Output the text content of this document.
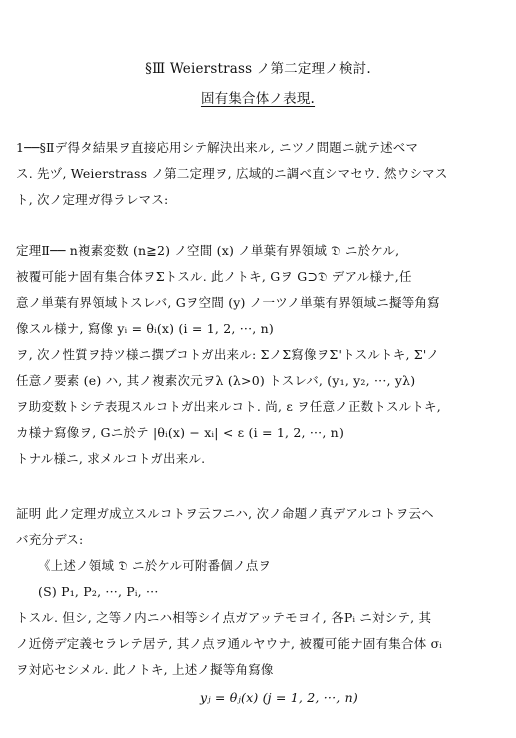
§Ⅲ Weierstrass ノ第二定理ノ検討.
固有集合体ノ表現.
1──§Ⅱデ得タ結果ヲ直接応用シテ解決出来ル, ニツノ問題ニ就テ述ベマ
ス. 先ヅ, Weierstrass ノ第二定理ヲ, 広域的ニ調べ直シマセウ. 然ウシマス
ト, 次ノ定理ガ得ラレマス:
定理Ⅱ── n複素変数 (n≧2) ノ空間 (x) ノ単葉有界領域 𝔇 ニ於ケル,
被覆可能ナ固有集合体ヲΣトスル. 此ノトキ, Gヲ G⊃𝔇 デアル様ナ,任
意ノ単葉有界領域トスレバ, Gヲ空間 (y) ノ一ツノ単葉有界領域ニ擬等角寫
像スル様ナ, 寫像 yᵢ = θᵢ(x) (i = 1, 2, ···, n)
ヲ, 次ノ性質ヲ持ツ様ニ撰ブコトガ出来ル: ΣノΣ寫像ヲΣ'トスルトキ, Σ'ノ
任意ノ要素 (e) ハ, 其ノ複素次元ヲλ (λ>0) トスレバ, (y₁, y₂, ···, yλ)
ヲ助変数トシテ表現スルコトガ出来ルコト. 尚, ε ヲ任意ノ正数トスルトキ,
カ様ナ寫像ヲ, Gニ於テ |θᵢ(x) − xᵢ| < ε (i = 1, 2, ···, n)
トナル様ニ, 求メルコトガ出来ル.
証明 此ノ定理ガ成立スルコトヲ云フニハ, 次ノ命題ノ真デアルコトヲ云ヘ
バ充分デス:
《上述ノ領域 𝔇 ニ於ケル可附番個ノ点ヲ
(S) P₁, P₂, ···, Pᵢ, ···
トスル. 但シ, 之等ノ内ニハ相等シイ点ガアッテモヨイ, 各Pᵢ ニ対シテ, 其
ノ近傍デ定義セラレテ居テ, 其ノ点ヲ通ルヤウナ, 被覆可能ナ固有集合体 σᵢ
ヲ対応セシメル. 此ノトキ, 上述ノ擬等角寫像
yⱼ = θⱼ(x) (j = 1, 2, ···, n)
